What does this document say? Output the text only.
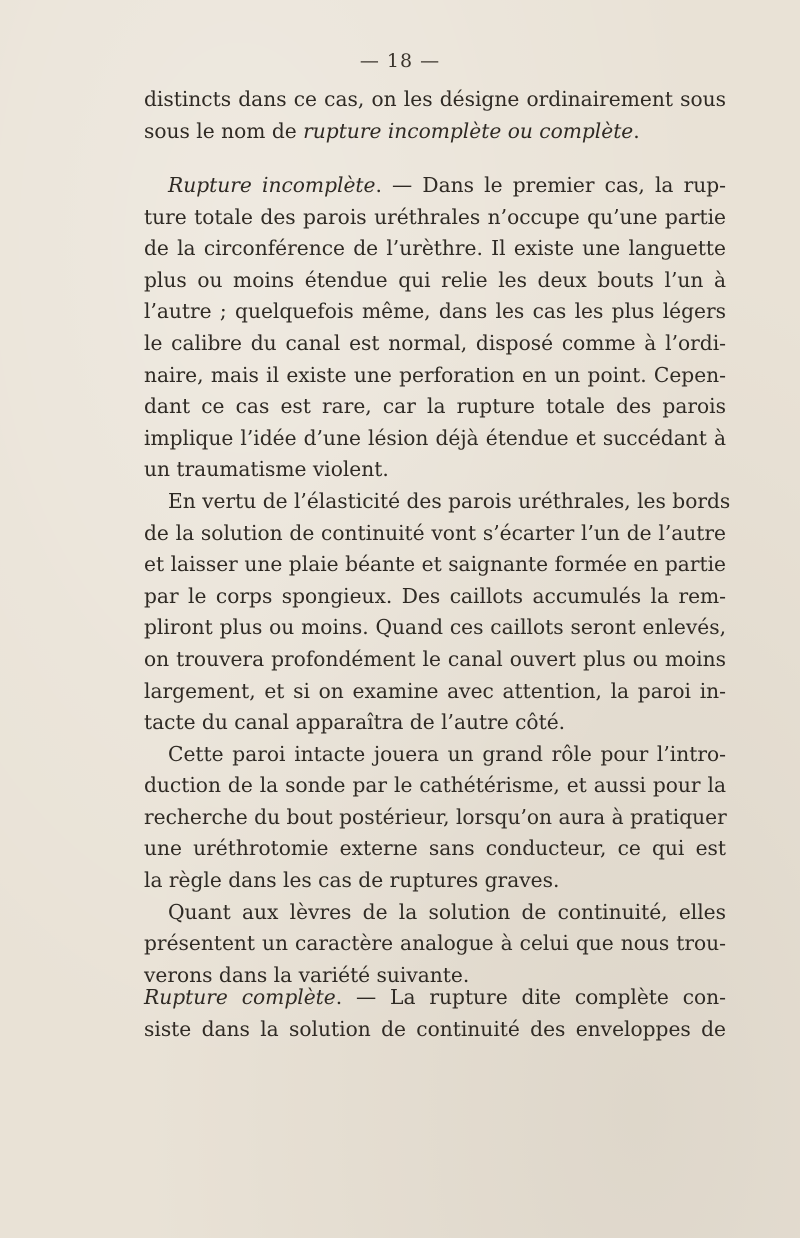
— 18 —
distincts dans ce cas, on les désigne ordinairement sous
sous le nom de rupture incomplète ou complète.
Rupture incomplète. — Dans le premier cas, la rup-
ture totale des parois uréthrales n’occupe qu’une partie
de la circonférence de l’urèthre. Il existe une languette
plus ou moins étendue qui relie les deux bouts l’un à
l’autre ; quelquefois même, dans les cas les plus légers
le calibre du canal est normal, disposé comme à l’ordi-
naire, mais il existe une perforation en un point. Cepen-
dant ce cas est rare, car la rupture totale des parois
implique l’idée d’une lésion déjà étendue et succédant à
un traumatisme violent.
En vertu de l’élasticité des parois uréthrales, les bords
de la solution de continuité vont s’écarter l’un de l’autre
et laisser une plaie béante et saignante formée en partie
par le corps spongieux. Des caillots accumulés la rem-
pliront plus ou moins. Quand ces caillots seront enlevés,
on trouvera profondément le canal ouvert plus ou moins
largement, et si on examine avec attention, la paroi in-
tacte du canal apparaîtra de l’autre côté.
Cette paroi intacte jouera un grand rôle pour l’intro-
duction de la sonde par le cathétérisme, et aussi pour la
recherche du bout postérieur, lorsqu’on aura à pratiquer
une uréthrotomie externe sans conducteur, ce qui est
la règle dans les cas de ruptures graves.
Quant aux lèvres de la solution de continuité, elles
présentent un caractère analogue à celui que nous trou-
verons dans la variété suivante.
Rupture complète. — La rupture dite complète con-
siste dans la solution de continuité des enveloppes de
